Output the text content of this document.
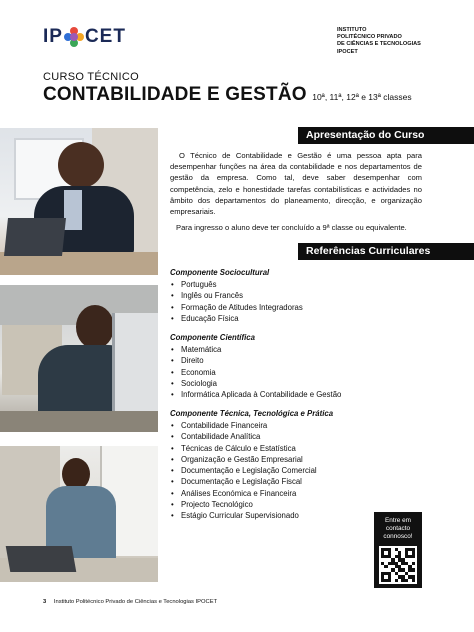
IP CET	INSTITUTO
POLITÉCNICO PRIVADO
DE CIÊNCIAS E TECNOLOGIAS
IPOCET
CURSO TÉCNICO
CONTABILIDADE E GESTÃO 10ª, 11ª, 12ª e 13ª classes
Apresentação do Curso

O Técnico de Contabilidade e Gestão é uma pessoa apta para desempenhar funções na área da contabilidade e nos departamentos de gestão da empresa. Como tal, deve saber desempenhar com competência, zelo e honestidade tarefas contabilísticas e actividades no âmbito dos departamentos do planeamento, direcção, e organização empresariais.

Para ingresso o aluno deve ter concluído a 9ª classe ou equivalente.

Referências Curriculares
Componente Sociocultural
• Português
• Inglês ou Francês
• Formação de Atitudes Integradoras
• Educação Física
Componente Científica
• Matemática
• Direito
• Economia
• Sociologia
• Informática Aplicada à Contabilidade e Gestão
Componente Técnica, Tecnológica e Prática
• Contabilidade Financeira
• Contabilidade Analítica
• Técnicas de Cálculo e Estatística
• Organização e Gestão Empresarial
• Documentação e Legislação Comercial
• Documentação e Legislação Fiscal
• Análises Económica e Financeira
• Projecto Tecnológico
• Estágio Curricular Supervisionado
Entre em
contacto
connosco!
3 Instituto Politécnico Privado de Ciências e Tecnologias IPOCET
